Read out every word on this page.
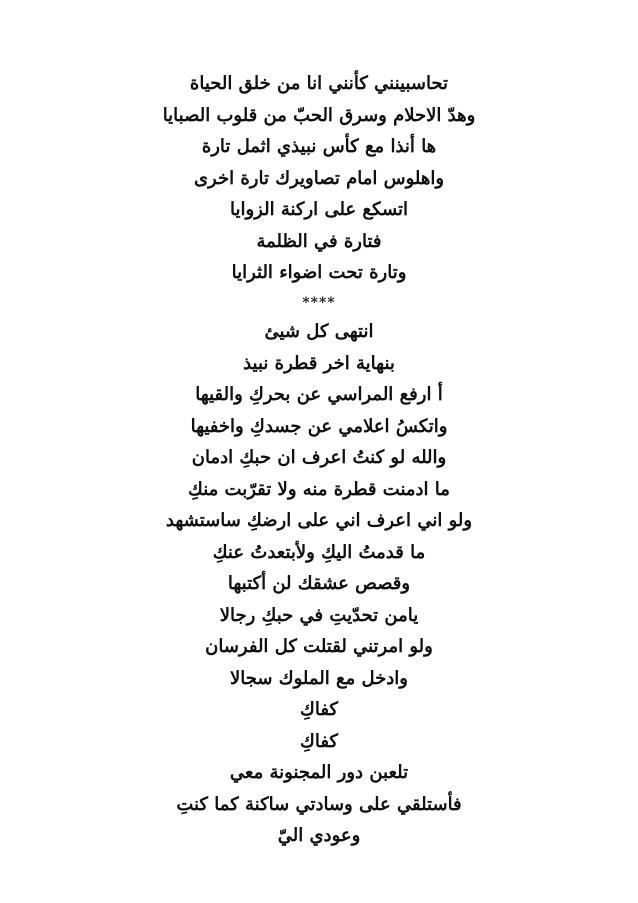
تحاسبينني كأنني انا من خلق الحياة

وهدّ الاحلام وسرق الحبّ من قلوب الصبايا

ها أنذا مع كأس نبيذي اثمل تارة

واهلوس امام تصاويرك تارة اخرى

اتسكع على اركنة الزوايا

فتارة في الظلمة

وتارة تحت اضواء الثرايا

****

انتهى كل شيئ

بنهاية اخر قطرة نبيذ

أ ارفع المراسي عن بحركِ والقيها

واتكسُ اعلامي عن جسدكِ واخفيها

والله لو كنتُ اعرف ان حبكِ ادمان

ما ادمنت قطرة منه ولا تقرّبت منكِ

ولو اني اعرف اني على ارضكِ ساستشهد

ما قدمتُ اليكِ ولأبتعدتُ عنكِ

وقصص عشقك لن أكتبها

يامن تحدّيتِ في حبكِ رجالا

ولو امرتني لقتلت كل الفرسان

وادخل مع الملوك سجالا

كفاكِ

كفاكِ

تلعبن دور المجنونة معي

فأستلقي على وسادتي ساكنة كما كنتِ

وعودي اليّ
